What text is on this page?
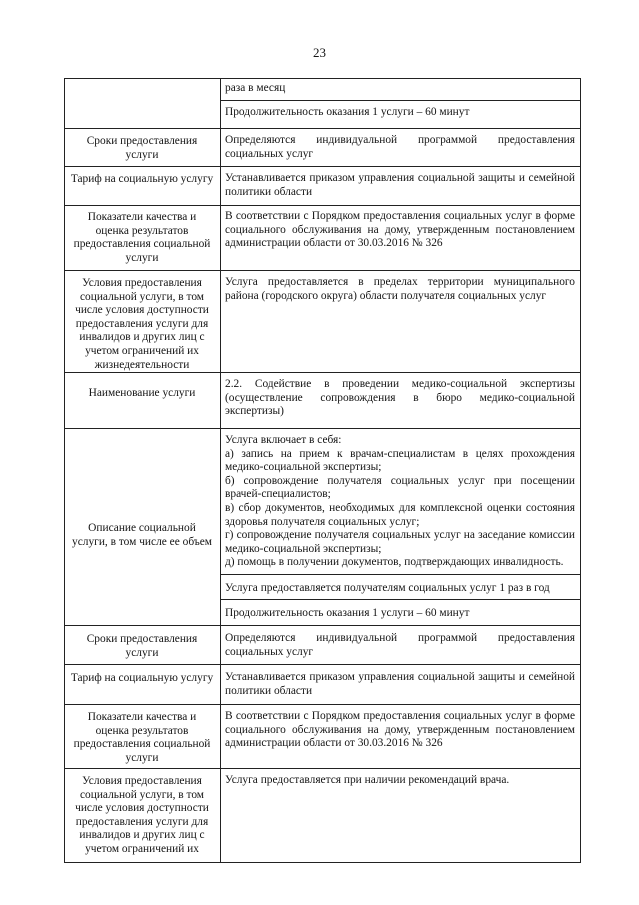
23
раза в месяц
Продолжительность оказания 1 услуги – 60 минут
Сроки предоставления услуги
Определяются индивидуальной программой предоставления социальных услуг
Тариф на социальную услугу	Устанавливается приказом управления социальной защиты и семейной политики области
Показатели качества и оценка результатов предоставления социальной услуги
В соответствии с Порядком предоставления социальных услуг в форме социального обслуживания на дому, утвержденным постановлением администрации области от 30.03.2016 № 326
Условия предоставления социальной услуги, в том числе условия доступности предоставления услуги для инвалидов и других лиц с учетом ограничений их жизнедеятельности
Услуга предоставляется в пределах территории муниципального района (городского округа) области получателя социальных услуг
Наименование услуги
2.2. Содействие в проведении медико-социальной экспертизы (осуществление сопровождения в бюро медико-социальной экспертизы)
Описание социальной услуги, в том числе ее объем
Услуга включает в себя:
а) запись на прием к врачам-специалистам в целях прохождения медико-социальной экспертизы;
б) сопровождение получателя социальных услуг при посещении врачей-специалистов;
в) сбор документов, необходимых для комплексной оценки состояния здоровья получателя социальных услуг;
г) сопровождение получателя социальных услуг на заседание комиссии медико-социальной экспертизы;
д) помощь в получении документов, подтверждающих инвалидность.
Услуга предоставляется получателям социальных услуг 1 раз в год
Продолжительность оказания 1 услуги – 60 минут
Сроки предоставления услуги
Определяются индивидуальной программой предоставления социальных услуг
Тариф на социальную услугу	Устанавливается приказом управления социальной защиты и семейной политики области
Показатели качества и оценка результатов предоставления социальной услуги
В соответствии с Порядком предоставления социальных услуг в форме социального обслуживания на дому, утвержденным постановлением администрации области от 30.03.2016 № 326
Условия предоставления социальной услуги, в том числе условия доступности предоставления услуги для инвалидов и других лиц с учетом ограничений их
Услуга предоставляется при наличии рекомендаций врача.
